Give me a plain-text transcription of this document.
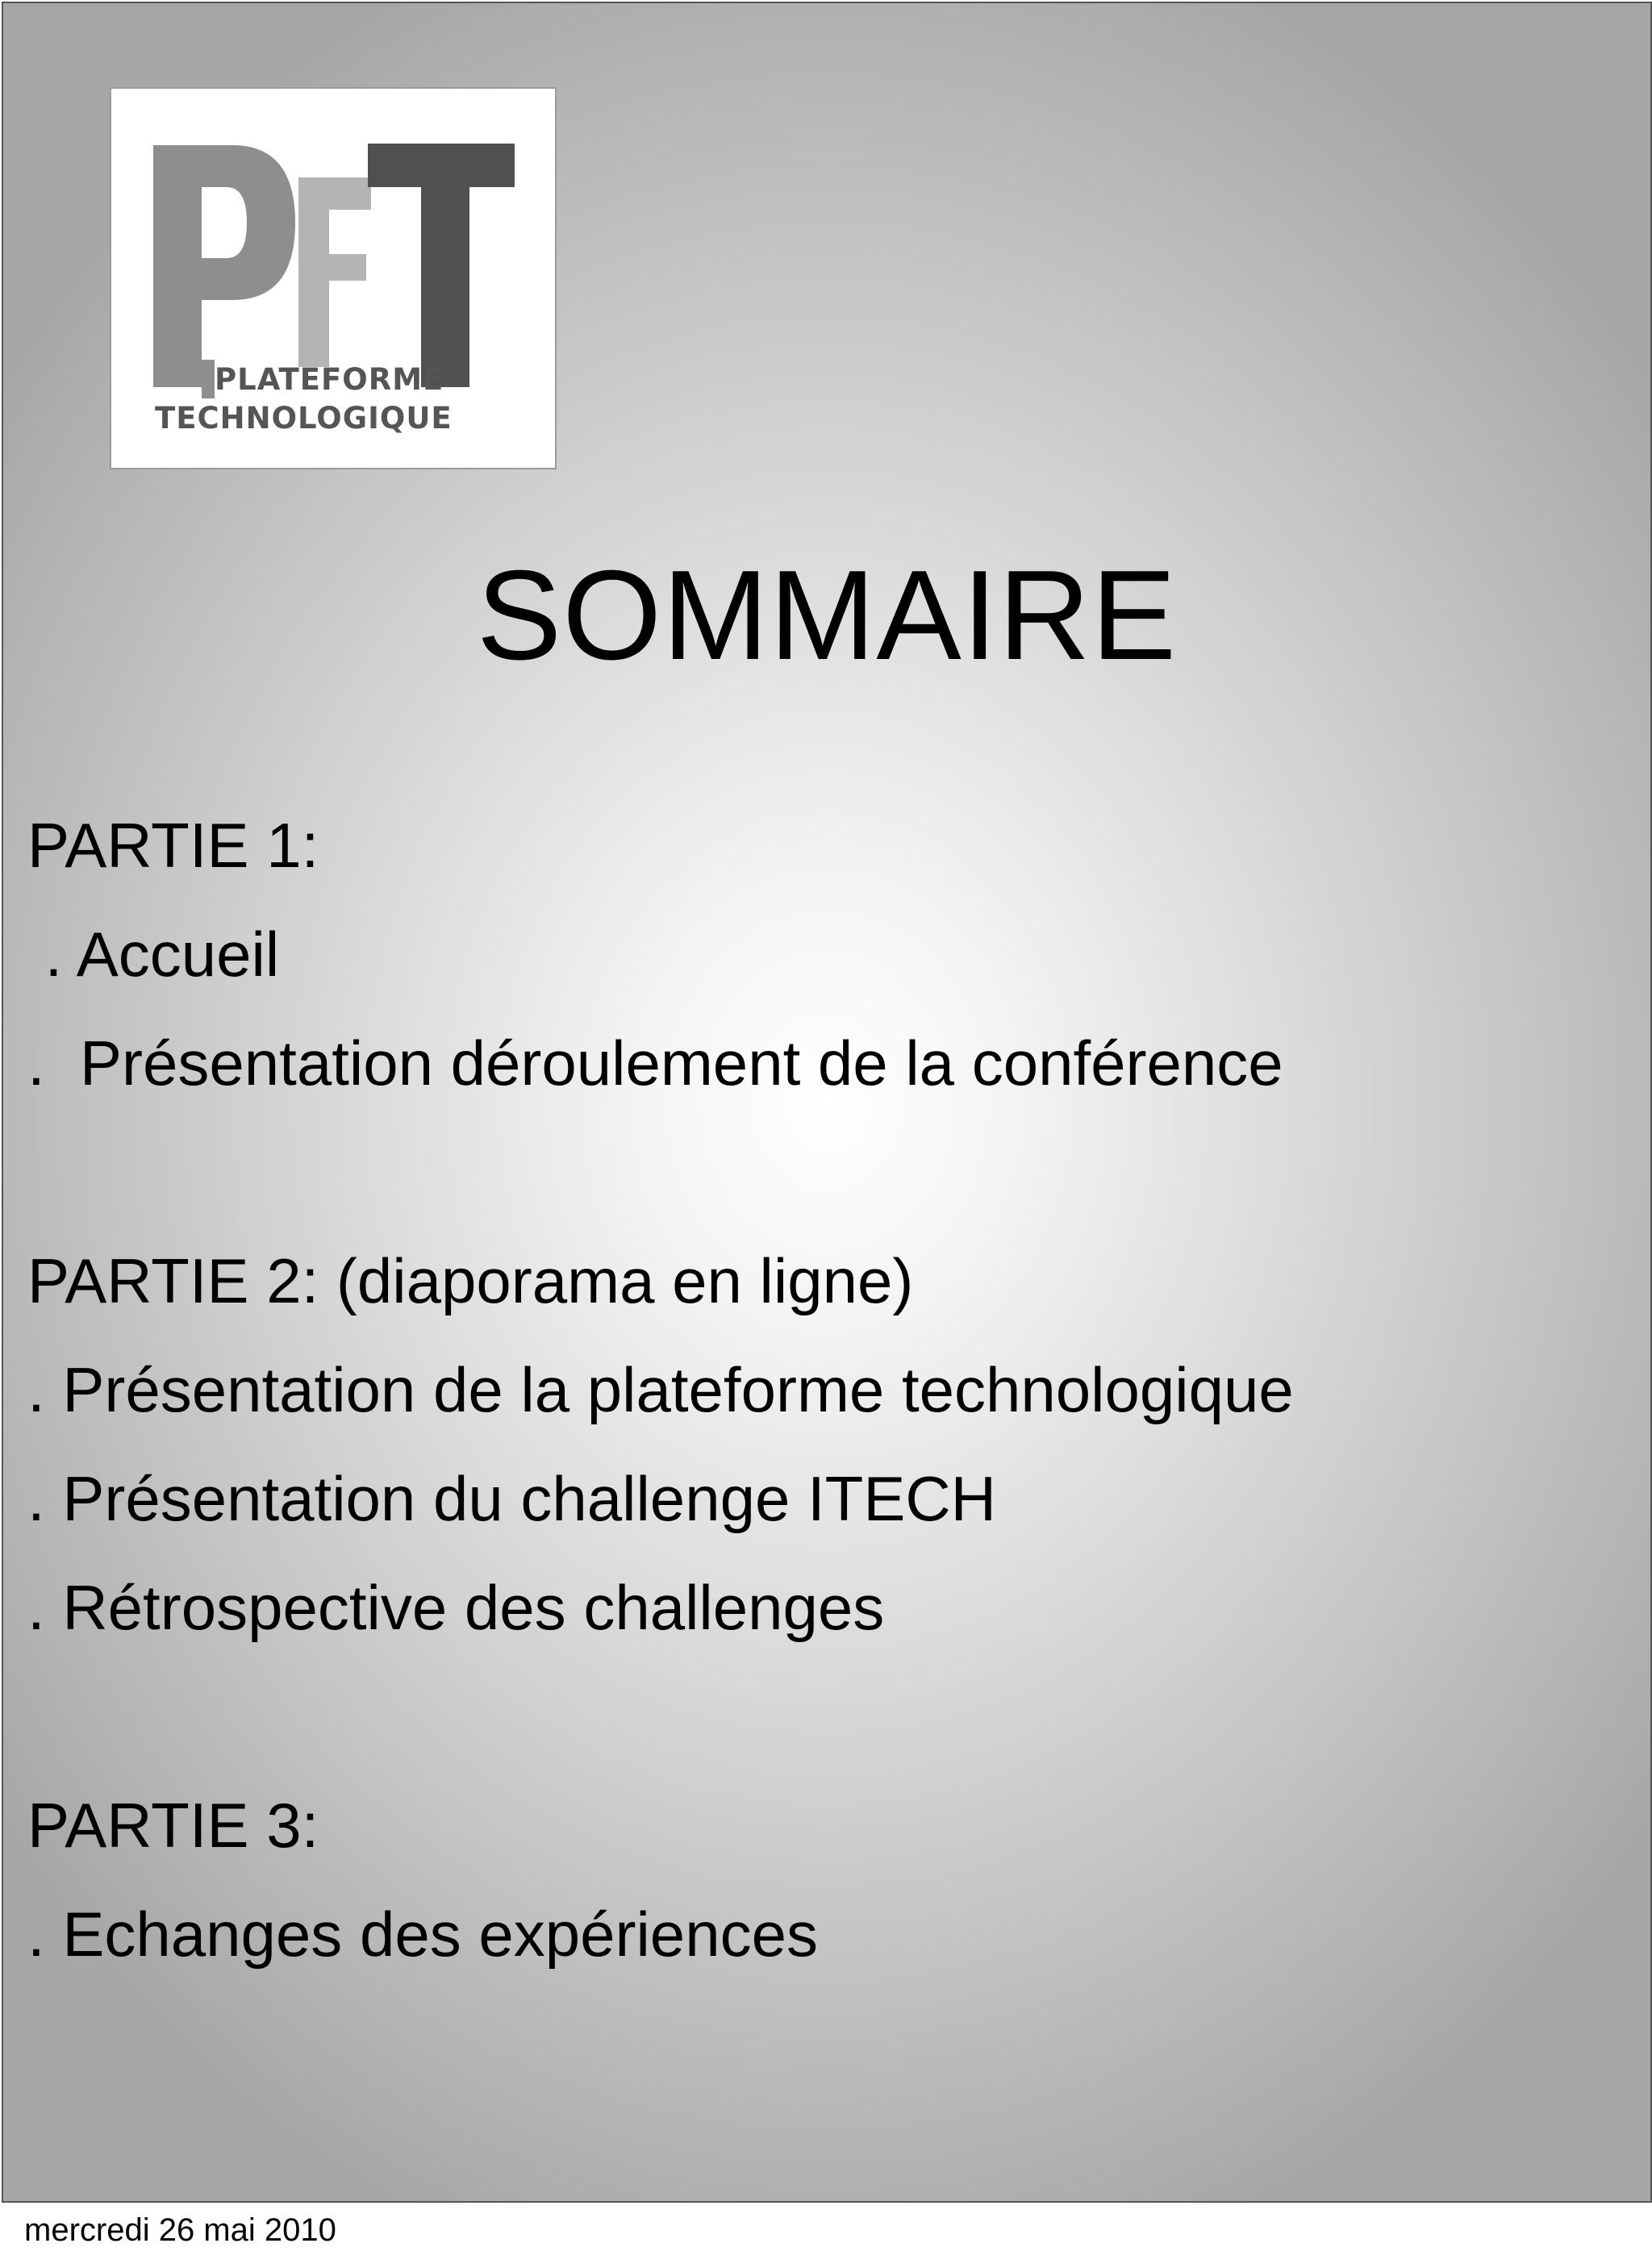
PLATEFORME
TECHNOLOGIQUE
SOMMAIRE
PARTIE 1:
. Accueil
.  Présentation déroulement de la conférence
PARTIE 2: (diaporama en ligne)
. Présentation de la plateforme technologique
. Présentation du challenge ITECH
. Rétrospective des challenges
PARTIE 3:
. Echanges des expériences
mercredi 26 mai 2010
